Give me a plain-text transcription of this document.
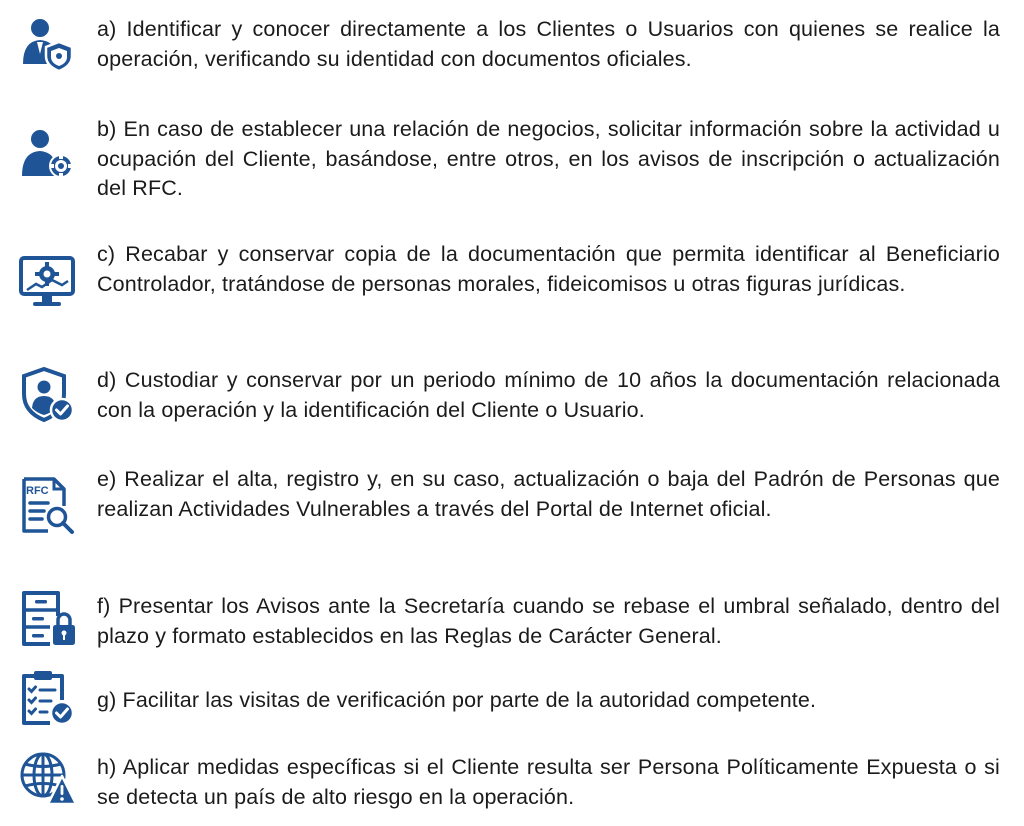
a) Identificar y conocer directamente a los Clientes o Usuarios con quienes se realice la operación, verificando su identidad con documentos oficiales.
b) En caso de establecer una relación de negocios, solicitar información sobre la actividad u ocupación del Cliente, basándose, entre otros, en los avisos de inscripción o actualización del RFC.
c) Recabar y conservar copia de la documentación que permita identificar al Beneficiario Controlador, tratándose de personas morales, fideicomisos u otras figuras jurídicas.
d) Custodiar y conservar por un periodo mínimo de 10 años la documentación relacionada con la operación y la identificación del Cliente o Usuario.
RFC e) Realizar el alta, registro y, en su caso, actualización o baja del Padrón de Personas que realizan Actividades Vulnerables a través del Portal de Internet oficial.
f) Presentar los Avisos ante la Secretaría cuando se rebase el umbral señalado, dentro del plazo y formato establecidos en las Reglas de Carácter General.
g) Facilitar las visitas de verificación por parte de la autoridad competente.
h) Aplicar medidas específicas si el Cliente resulta ser Persona Políticamente Expuesta o si se detecta un país de alto riesgo en la operación.
